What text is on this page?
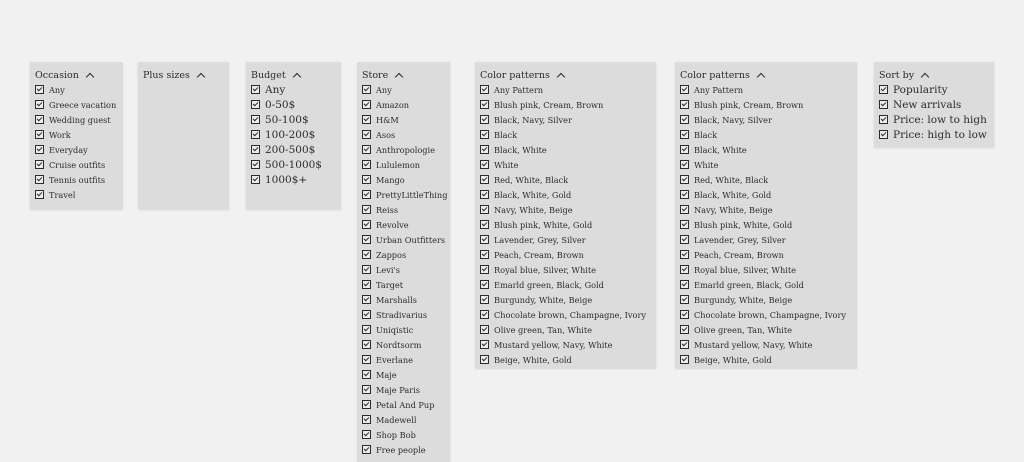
Occasion
Any
Greece vacation
Wedding guest
Work
Everyday
Cruise outfits
Tennis outfits
Travel
Plus sizes	Budget
Any
0-50$
50-100$
100-200$
200-500$
500-1000$
1000$+
Store
Any
Amazon
H&M
Asos
Anthropologie
Lululemon
Mango
PrettyLittleThing
Reiss
Revolve
Urban Outfitters
Zappos
Levi's
Target
Marshalls
Stradivarius
Uniqistic
Nordtsorm
Everlane
Maje
Maje Paris
Petal And Pup
Madewell
Shop Bob
Free people
Color patterns
Any Pattern
Blush pink, Cream, Brown
Black, Navy, Silver
Black
Black, White
White
Red, White, Black
Black, White, Gold
Navy, White, Beige
Blush pink, White, Gold
Lavender, Grey, Silver
Peach, Cream, Brown
Royal blue, Silver, White
Emarld green, Black, Gold
Burgundy, White, Beige
Chocolate brown, Champagne, Ivory
Olive green, Tan, White
Mustard yellow, Navy, White
Beige, White, Gold
Color patterns
Any Pattern
Blush pink, Cream, Brown
Black, Navy, Silver
Black
Black, White
White
Red, White, Black
Black, White, Gold
Navy, White, Beige
Blush pink, White, Gold
Lavender, Grey, Silver
Peach, Cream, Brown
Royal blue, Silver, White
Emarld green, Black, Gold
Burgundy, White, Beige
Chocolate brown, Champagne, Ivory
Olive green, Tan, White
Mustard yellow, Navy, White
Beige, White, Gold
Sort by
Popularity
New arrivals
Price: low to high
Price: high to low
